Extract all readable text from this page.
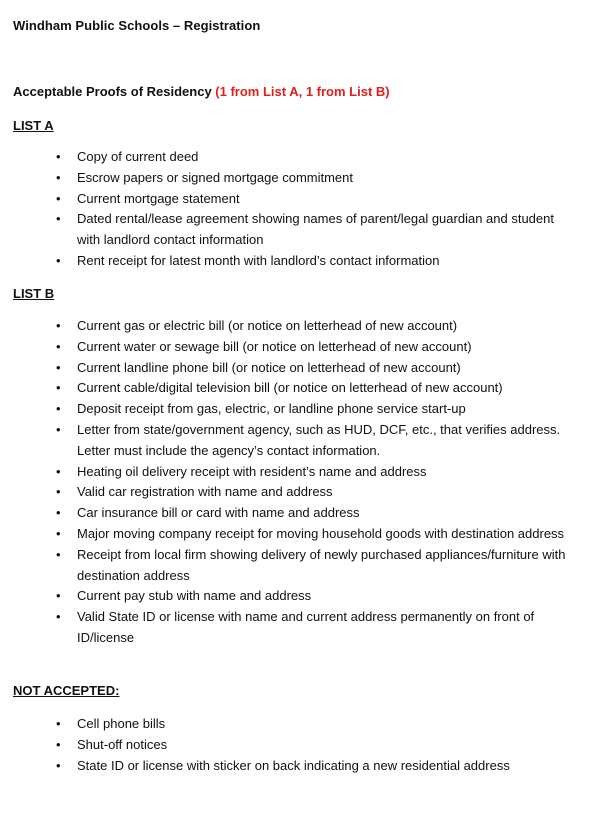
Windham Public Schools – Registration
Acceptable Proofs of Residency (1 from List A, 1 from List B)
LIST A
• Copy of current deed
• Escrow papers or signed mortgage commitment
• Current mortgage statement
• Dated rental/lease agreement showing names of parent/legal guardian and student with landlord contact information
• Rent receipt for latest month with landlord’s contact information
LIST B
• Current gas or electric bill (or notice on letterhead of new account)
• Current water or sewage bill (or notice on letterhead of new account)
• Current landline phone bill (or notice on letterhead of new account)
• Current cable/digital television bill (or notice on letterhead of new account)
• Deposit receipt from gas, electric, or landline phone service start-up
• Letter from state/government agency, such as HUD, DCF, etc., that verifies address. Letter must include the agency’s contact information.
• Heating oil delivery receipt with resident’s name and address
• Valid car registration with name and address
• Car insurance bill or card with name and address
• Major moving company receipt for moving household goods with destination address
• Receipt from local firm showing delivery of newly purchased appliances/furniture with destination address
• Current pay stub with name and address
• Valid State ID or license with name and current address permanently on front of ID/license
NOT ACCEPTED:
• Cell phone bills
• Shut-off notices
• State ID or license with sticker on back indicating a new residential address
